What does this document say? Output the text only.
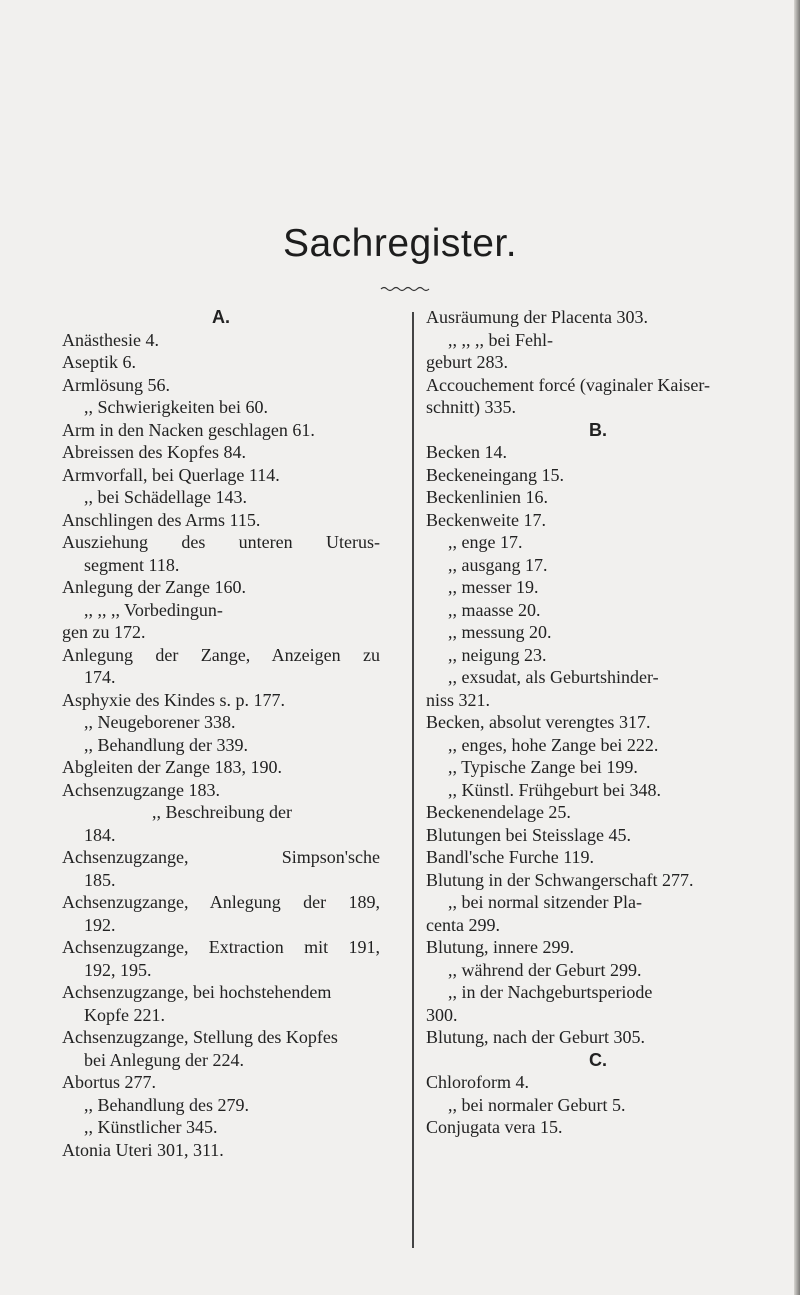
Sachregister.
A.
Anästhesie 4.
Aseptik 6.
Armlösung 56.
,, Schwierigkeiten bei 60.
Arm in den Nacken geschlagen 61.
Abreissen des Kopfes 84.
Armvorfall, bei Querlage 114.
,, bei Schädellage 143.
Anschlingen des Arms 115.
Ausziehung des unteren Uterus-
segment 118.
Anlegung der Zange 160.
,, ,, ,, Vorbedingun-
gen zu 172.
Anlegung der Zange, Anzeigen zu
174.
Asphyxie des Kindes s. p. 177.
,, Neugeborener 338.
,, Behandlung der 339.
Abgleiten der Zange 183, 190.
Achsenzugzange 183.
,, Beschreibung der
184.
Achsenzugzange, Simpson'sche
185.
Achsenzugzange, Anlegung der 189,
192.
Achsenzugzange, Extraction mit 191,
192, 195.
Achsenzugzange, bei hochstehendem
Kopfe 221.
Achsenzugzange, Stellung des Kopfes
bei Anlegung der 224.
Abortus 277.
,, Behandlung des 279.
,, Künstlicher 345.
Atonia Uteri 301, 311.
Ausräumung der Placenta 303.
,, ,, ,, bei Fehl-
geburt 283.
Accouchement forcé (vaginaler Kaiser-
schnitt) 335.
B.
Becken 14.
Beckeneingang 15.
Beckenlinien 16.
Beckenweite 17.
,, enge 17.
,, ausgang 17.
,, messer 19.
,, maasse 20.
,, messung 20.
,, neigung 23.
,, exsudat, als Geburtshinder-
niss 321.
Becken, absolut verengtes 317.
,, enges, hohe Zange bei 222.
,, Typische Zange bei 199.
,, Künstl. Frühgeburt bei 348.
Beckenendelage 25.
Blutungen bei Steisslage 45.
Bandl'sche Furche 119.
Blutung in der Schwangerschaft 277.
,, bei normal sitzender Pla-
centa 299.
Blutung, innere 299.
,, während der Geburt 299.
,, in der Nachgeburtsperiode
300.
Blutung, nach der Geburt 305.
C.
Chloroform 4.
,, bei normaler Geburt 5.
Conjugata vera 15.
